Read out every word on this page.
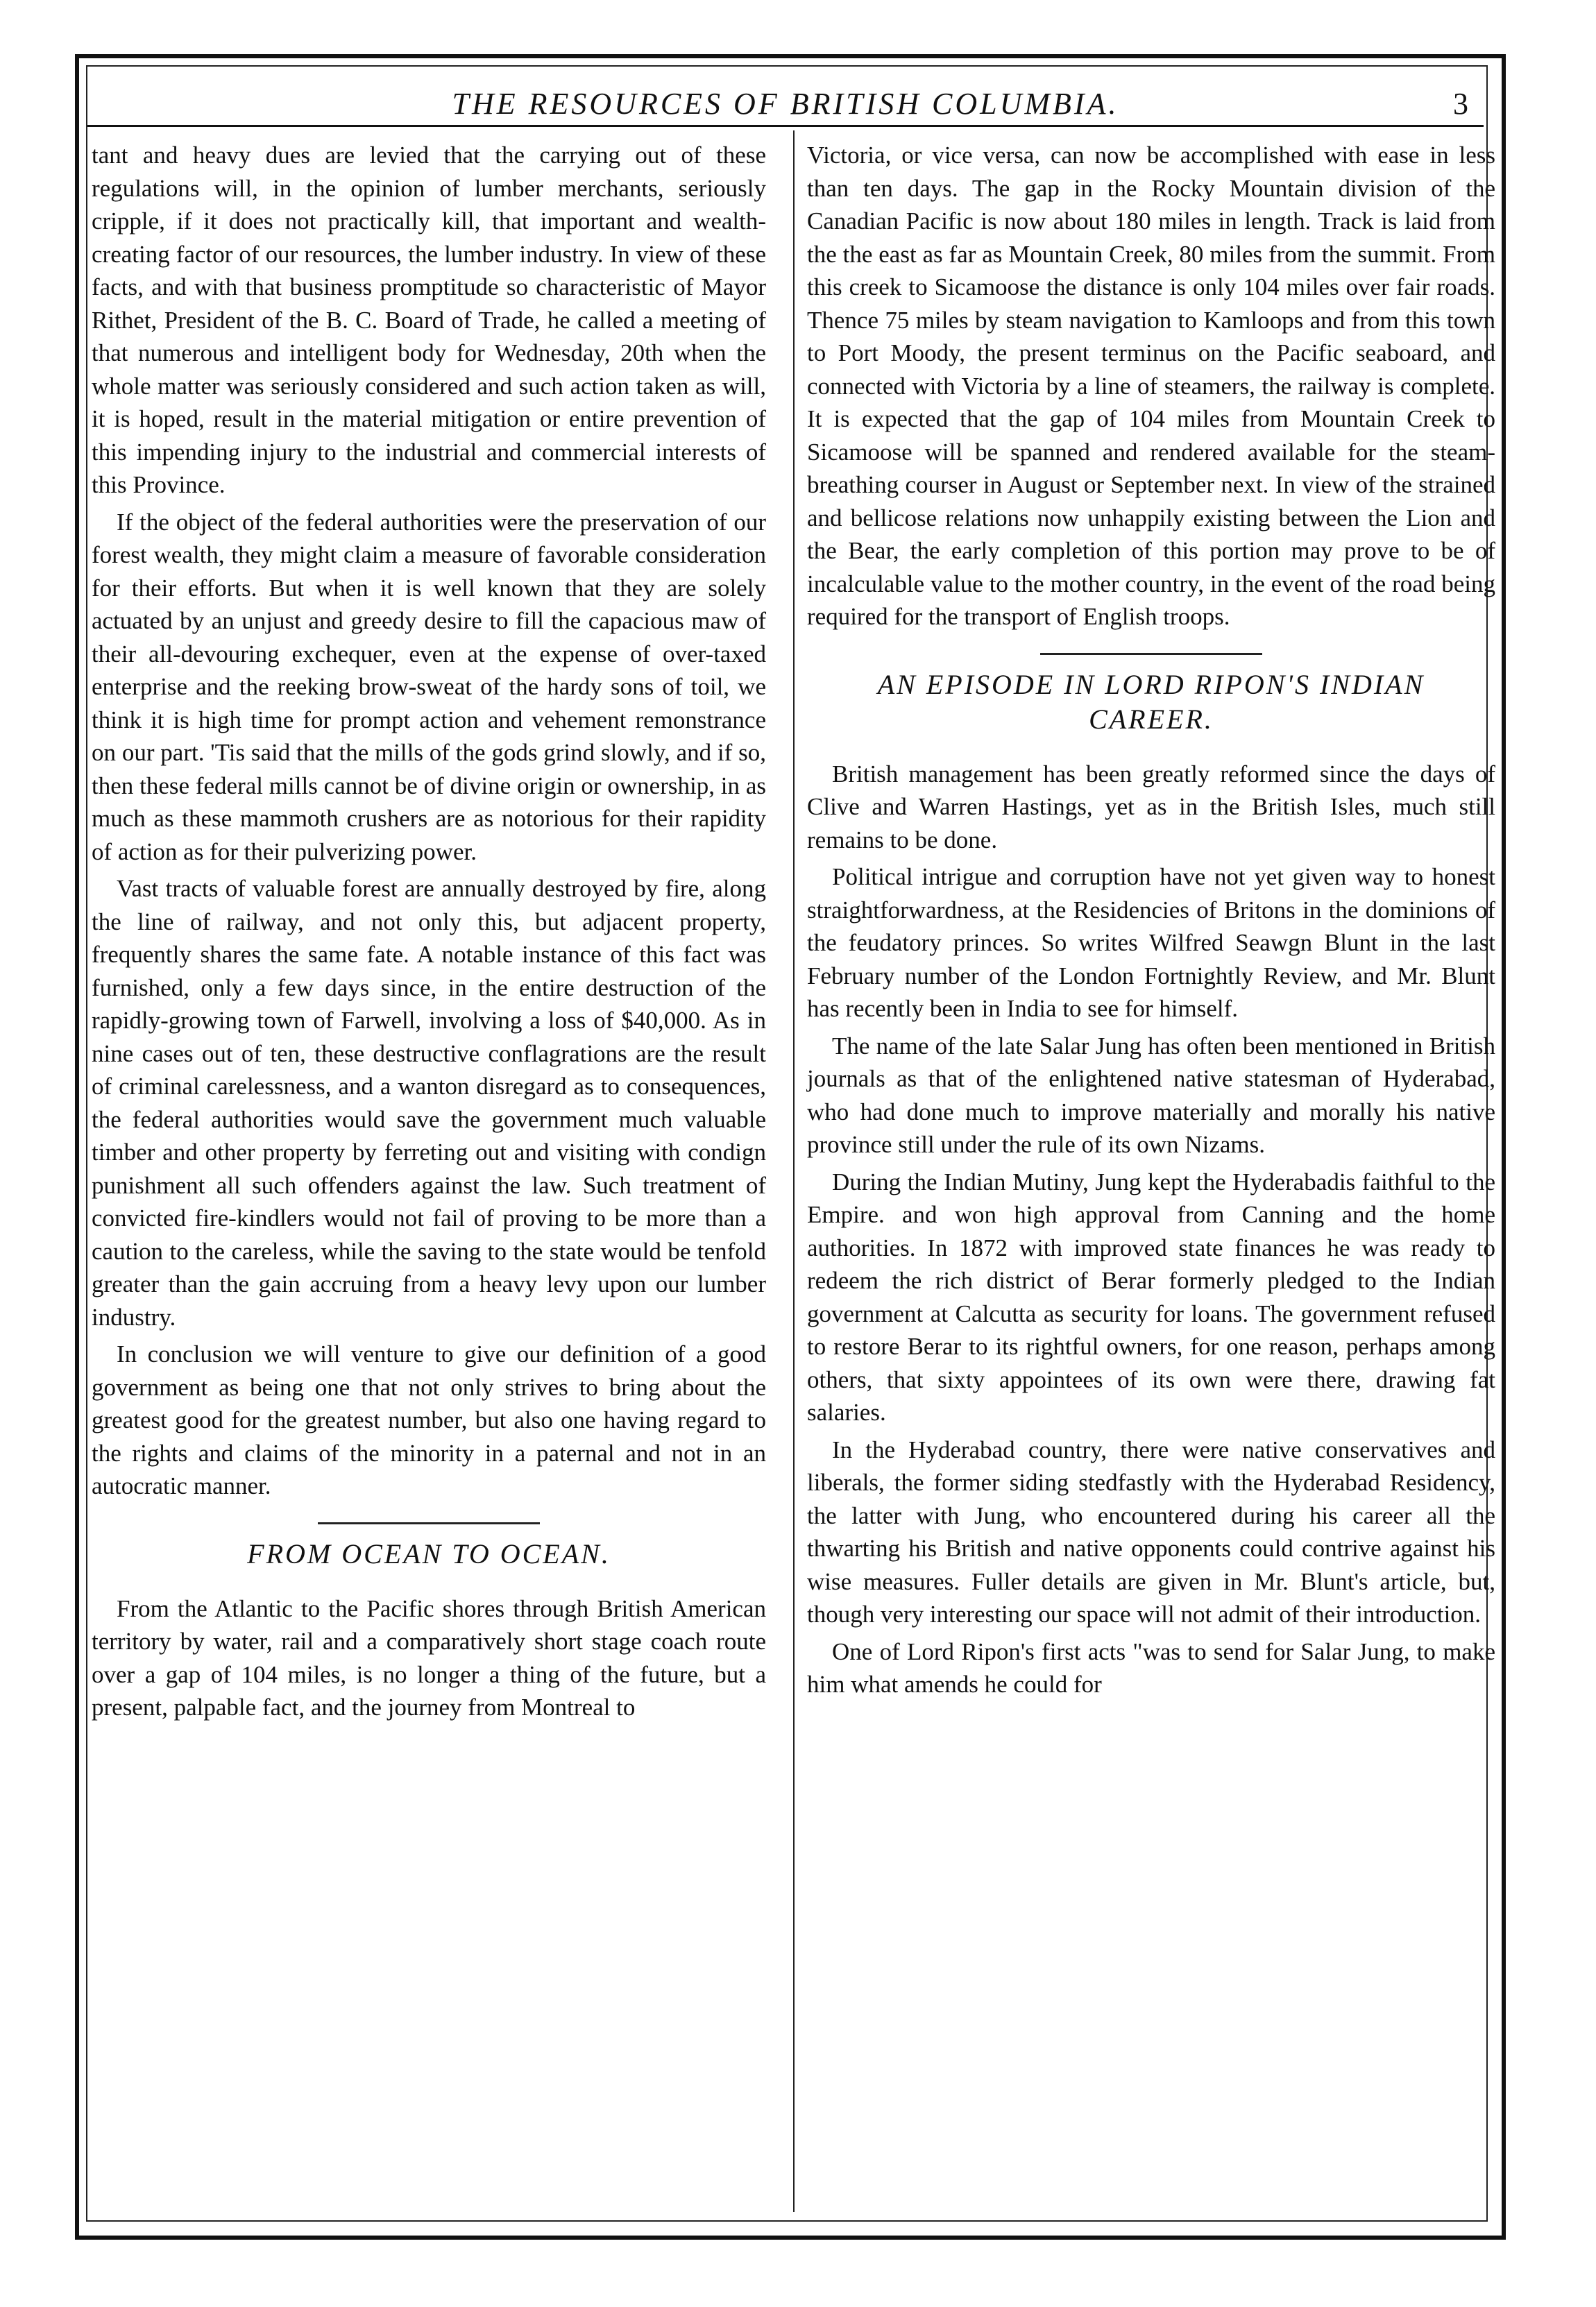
THE RESOURCES OF BRITISH COLUMBIA.	3

tant and heavy dues are levied that the carrying out of these regulations will, in the opinion of lumber merchants, seriously cripple, if it does not practically kill, that important and wealth-creating factor of our resources, the lumber industry. In view of these facts, and with that business promptitude so characteristic of Mayor Rithet, President of the B. C. Board of Trade, he called a meeting of that numerous and intelligent body for Wednesday, 20th when the whole matter was seriously considered and such action taken as will, it is hoped, result in the material mitigation or entire prevention of this impending injury to the industrial and commercial interests of this Province.

If the object of the federal authorities were the preservation of our forest wealth, they might claim a measure of favorable consideration for their efforts. But when it is well known that they are solely actuated by an unjust and greedy desire to fill the capacious maw of their all-devouring exchequer, even at the expense of over-taxed enterprise and the reeking brow-sweat of the hardy sons of toil, we think it is high time for prompt action and vehement remonstrance on our part. 'Tis said that the mills of the gods grind slowly, and if so, then these federal mills cannot be of divine origin or ownership, in as much as these mammoth crushers are as notorious for their rapidity of action as for their pulverizing power.

Vast tracts of valuable forest are annually destroyed by fire, along the line of railway, and not only this, but adjacent property, frequently shares the same fate. A notable instance of this fact was furnished, only a few days since, in the entire destruction of the rapidly-growing town of Farwell, involving a loss of $40,000. As in nine cases out of ten, these destructive conflagrations are the result of criminal carelessness, and a wanton disregard as to consequences, the federal authorities would save the government much valuable timber and other property by ferreting out and visiting with condign punishment all such offenders against the law. Such treatment of convicted fire-kindlers would not fail of proving to be more than a caution to the careless, while the saving to the state would be tenfold greater than the gain accruing from a heavy levy upon our lumber industry.

In conclusion we will venture to give our definition of a good government as being one that not only strives to bring about the greatest good for the greatest number, but also one having regard to the rights and claims of the minority in a paternal and not in an autocratic manner.

FROM OCEAN TO OCEAN.

From the Atlantic to the Pacific shores through British American territory by water, rail and a comparatively short stage coach route over a gap of 104 miles, is no longer a thing of the future, but a present, palpable fact, and the journey from Montreal to

Victoria, or vice versa, can now be accomplished with ease in less than ten days. The gap in the Rocky Mountain division of the Canadian Pacific is now about 180 miles in length. Track is laid from the the east as far as Mountain Creek, 80 miles from the summit. From this creek to Sicamoose the distance is only 104 miles over fair roads. Thence 75 miles by steam navigation to Kamloops and from this town to Port Moody, the present terminus on the Pacific seaboard, and connected with Victoria by a line of steamers, the railway is complete. It is expected that the gap of 104 miles from Mountain Creek to Sicamoose will be spanned and rendered available for the steam-breathing courser in August or September next. In view of the strained and bellicose relations now unhappily existing between the Lion and the Bear, the early completion of this portion may prove to be of incalculable value to the mother country, in the event of the road being required for the transport of English troops.

AN EPISODE IN LORD RIPON'S INDIAN
CAREER.

British management has been greatly reformed since the days of Clive and Warren Hastings, yet as in the British Isles, much still remains to be done.

Political intrigue and corruption have not yet given way to honest straightforwardness, at the Residencies of Britons in the dominions of the feudatory princes. So writes Wilfred Seawgn Blunt in the last February number of the London Fortnightly Review, and Mr. Blunt has recently been in India to see for himself.

The name of the late Salar Jung has often been mentioned in British journals as that of the enlightened native statesman of Hyderabad, who had done much to improve materially and morally his native province still under the rule of its own Nizams.

During the Indian Mutiny, Jung kept the Hyderabadis faithful to the Empire. and won high approval from Canning and the home authorities. In 1872 with improved state finances he was ready to redeem the rich district of Berar formerly pledged to the Indian government at Calcutta as security for loans. The government refused to restore Berar to its rightful owners, for one reason, perhaps among others, that sixty appointees of its own were there, drawing fat salaries.

In the Hyderabad country, there were native conservatives and liberals, the former siding stedfastly with the Hyderabad Residency, the latter with Jung, who encountered during his career all the thwarting his British and native opponents could contrive against his wise measures. Fuller details are given in Mr. Blunt's article, but, though very interesting our space will not admit of their introduction.

One of Lord Ripon's first acts "was to send for Salar Jung, to make him what amends he could for
